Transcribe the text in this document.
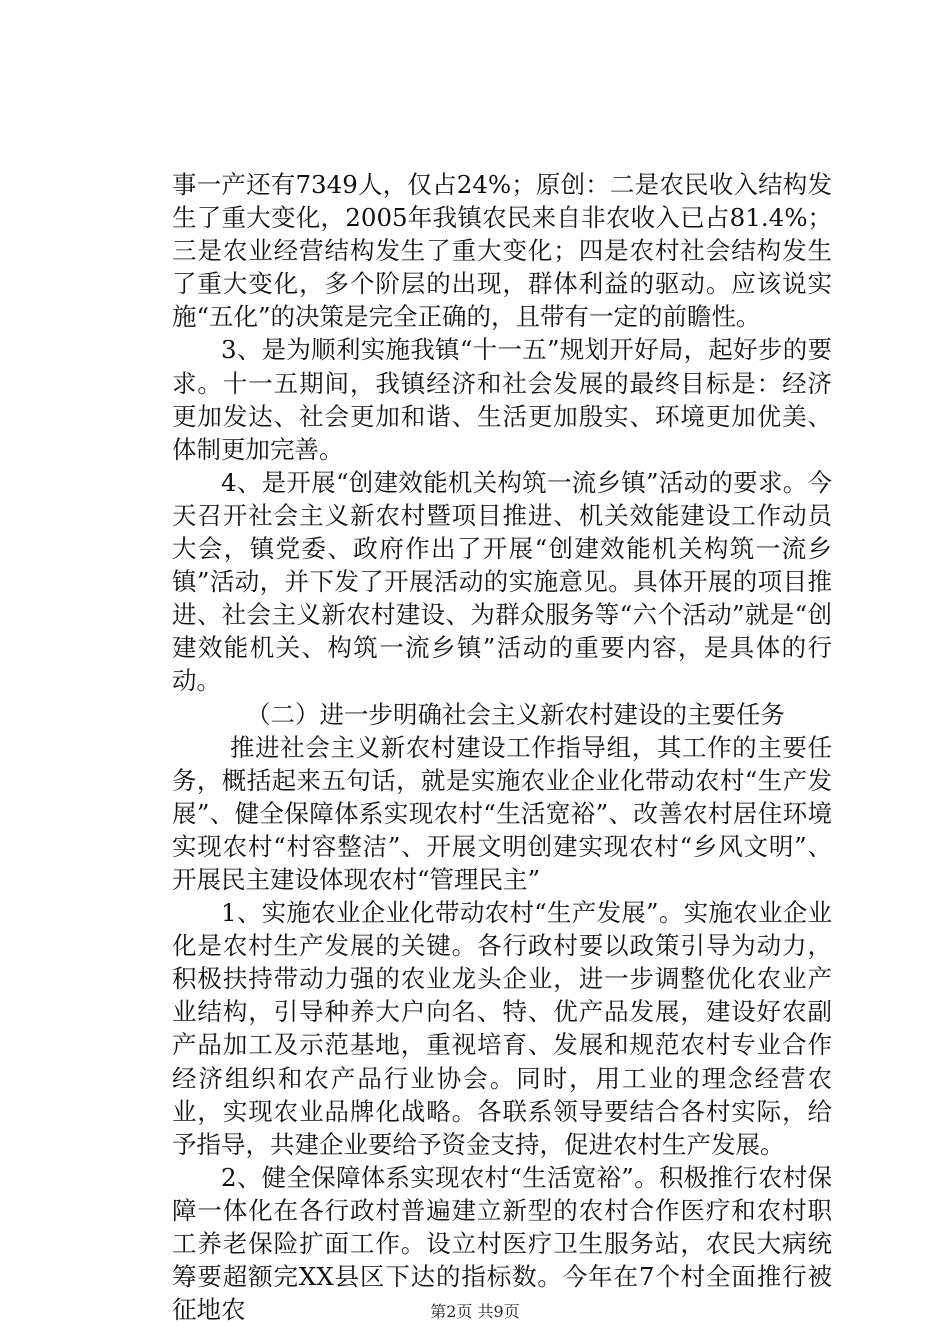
事一产还有7349人，仅占24%；原创：二是农民收入结构发生了重大变化，2005年我镇农民来自非农收入已占81.4%；三是农业经营结构发生了重大变化；四是农村社会结构发生了重大变化，多个阶层的出现，群体利益的驱动。应该说实施“五化”的决策是完全正确的，且带有一定的前瞻性。

3、是为顺利实施我镇“十一五”规划开好局，起好步的要求。十一五期间，我镇经济和社会发展的最终目标是：经济更加发达、社会更加和谐、生活更加殷实、环境更加优美、体制更加完善。

4、是开展“创建效能机关构筑一流乡镇”活动的要求。今天召开社会主义新农村暨项目推进、机关效能建设工作动员大会，镇党委、政府作出了开展“创建效能机关构筑一流乡镇”活动，并下发了开展活动的实施意见。具体开展的项目推进、社会主义新农村建设、为群众服务等“六个活动”就是“创建效能机关、构筑一流乡镇”活动的重要内容，是具体的行动。

（二）进一步明确社会主义新农村建设的主要任务

推进社会主义新农村建设工作指导组，其工作的主要任务，概括起来五句话，就是实施农业企业化带动农村“生产发展”、健全保障体系实现农村“生活宽裕”、改善农村居住环境实现农村“村容整洁”、开展文明创建实现农村“乡风文明”、开展民主建设体现农村“管理民主”

1、实施农业企业化带动农村“生产发展”。实施农业企业化是农村生产发展的关键。各行政村要以政策引导为动力，积极扶持带动力强的农业龙头企业，进一步调整优化农业产业结构，引导种养大户向名、特、优产品发展，建设好农副产品加工及示范基地，重视培育、发展和规范农村专业合作经济组织和农产品行业协会。同时，用工业的理念经营农业，实现农业品牌化战略。各联系领导要结合各村实际，给予指导，共建企业要给予资金支持，促进农村生产发展。

2、健全保障体系实现农村“生活宽裕”。积极推行农村保障一体化在各行政村普遍建立新型的农村合作医疗和农村职工养老保险扩面工作。设立村医疗卫生服务站，农民大病统筹要超额完XX县区下达的指标数。今年在7个村全面推行被征地农	第2页 共9页
